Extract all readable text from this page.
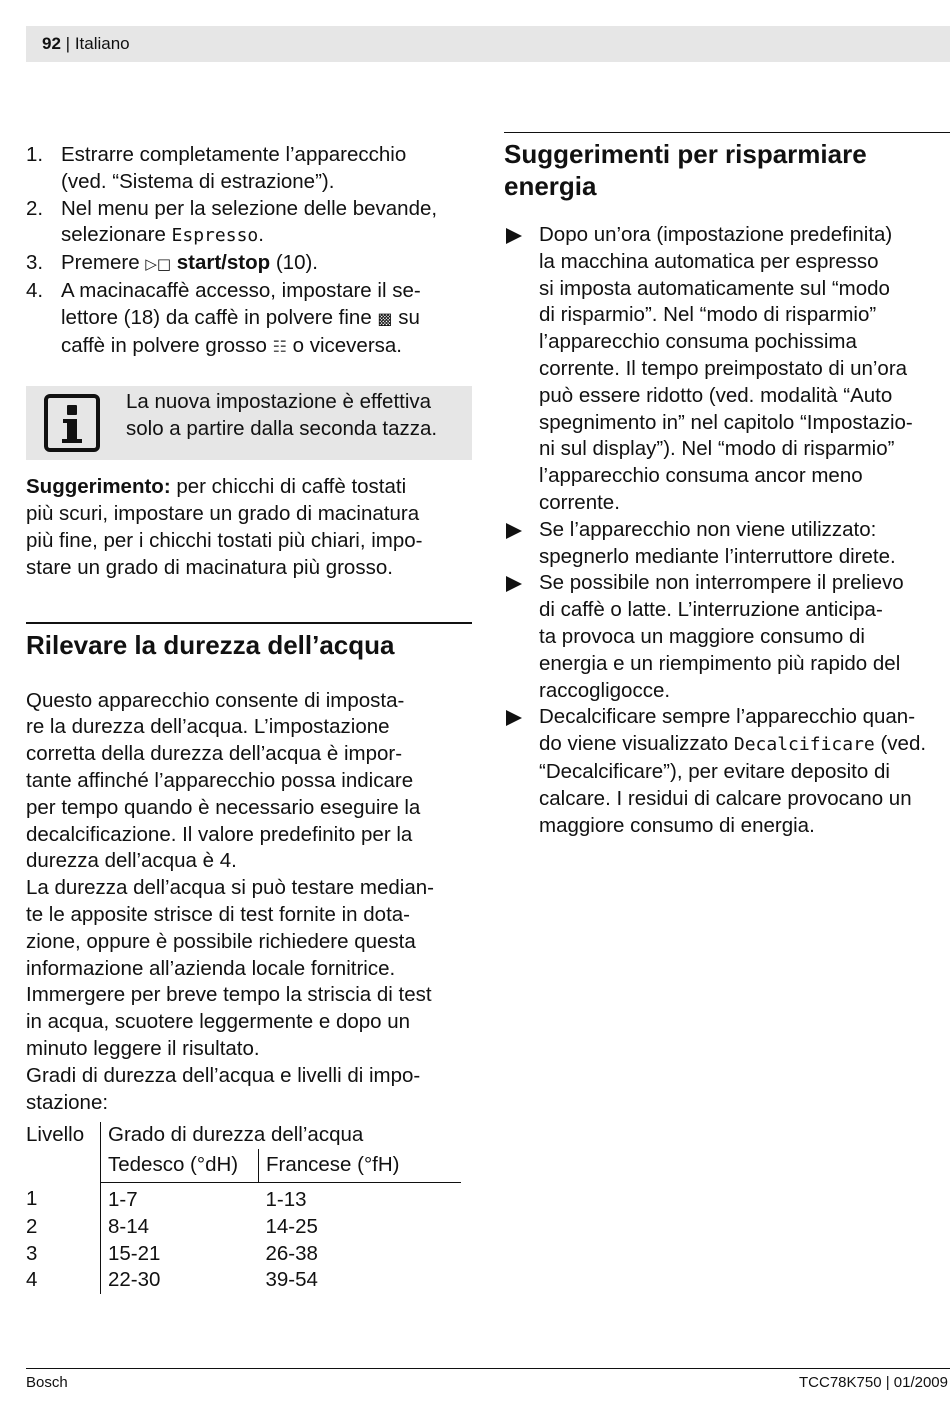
92 | Italiano
1. Estrarre completamente l’apparecchio
(ved. “Sistema di estrazione”).
2. Nel menu per la selezione delle bevande,
selezionare Espresso.
3. Premere ▷□ start/stop (10).
4. A macinacaffè accesso, impostare il se-
lettore (18) da caffè in polvere fine ▩ su
caffè in polvere grosso ☷ o viceversa.
La nuova impostazione è effettiva
solo a partire dalla seconda tazza.
Suggerimento: per chicchi di caffè tostati
più scuri, impostare un grado di macinatura
più fine, per i chicchi tostati più chiari, impo-
stare un grado di macinatura più grosso.
Rilevare la durezza dell’acqua
Questo apparecchio consente di imposta-
re la durezza dell’acqua. L’impostazione
corretta della durezza dell’acqua è impor-
tante affinché l’apparecchio possa indicare
per tempo quando è necessario eseguire la
decalcificazione. Il valore predefinito per la
durezza dell’acqua è 4.
La durezza dell’acqua si può testare median-
te le apposite strisce di test fornite in dota-
zione, oppure è possibile richiedere questa
informazione all’azienda locale fornitrice.
Immergere per breve tempo la striscia di test
in acqua, scuotere leggermente e dopo un
minuto leggere il risultato.
Gradi di durezza dell’acqua e livelli di impo-
stazione:
Livello	Grado di durezza dell’acqua	
	Tedesco (°dH)	Francese (°fH)
1	1-7	1-13
2	8-14	14-25
3	15-21	26-38
4	22-30	39-54
Suggerimenti per risparmiare
energia
Dopo un’ora (impostazione predefinita)
la macchina automatica per espresso
si imposta automaticamente sul “modo
di risparmio”. Nel “modo di risparmio”
l’apparecchio consuma pochissima
corrente. Il tempo preimpostato di un’ora
può essere ridotto (ved. modalità “Auto
spegnimento in” nel capitolo “Impostazio-
ni sul display”). Nel “modo di risparmio”
l’apparecchio consuma ancor meno
corrente.
Se l’apparecchio non viene utilizzato:
spegnerlo mediante l’interruttore direte.
Se possibile non interrompere il prelievo
di caffè o latte. L’interruzione anticipa-
ta provoca un maggiore consumo di
energia e un riempimento più rapido del
raccogligocce.
Decalcificare sempre l’apparecchio quan-
do viene visualizzato Decalcificare (ved.
“Decalcificare”), per evitare deposito di
calcare. I residui di calcare provocano un
maggiore consumo di energia.
Bosch	TCC78K750 | 01/2009
